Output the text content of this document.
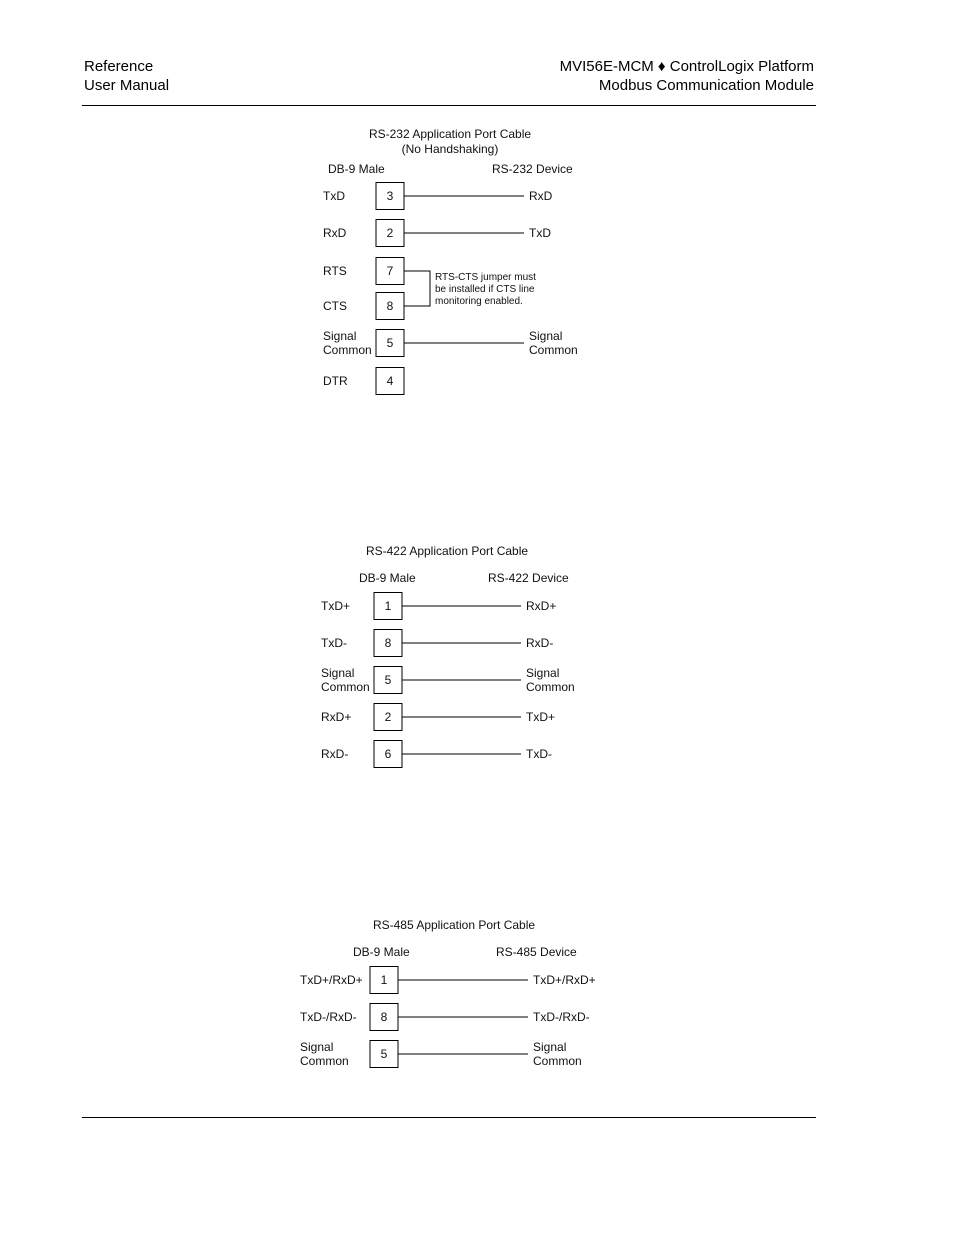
Reference
User Manual
MVI56E-MCM ♦ ControlLogix Platform
Modbus Communication Module
RS-232 Application Port Cable
(No Handshaking)
DB-9 Male	RS-232 Device
RTS-CTS jumper must
be installed if CTS line
monitoring enabled.
TxD	3	RxD
RxD	2	TxD
RTS	7
CTS	8
Signal
Common 5	Signal
Common
DTR	4
RS-422 Application Port Cable
DB-9 Male	RS-422 Device
TxD+	1	RxD+
TxD-	8	RxD-
Signal
Common 5	Signal
Common
RxD+	2	TxD+
RxD-	6	TxD-
RS-485 Application Port Cable
DB-9 Male	RS-485 Device
TxD+/RxD+ 1	TxD+/RxD+
TxD-/RxD- 8	TxD-/RxD-
Signal
Common	5	Signal
Common
